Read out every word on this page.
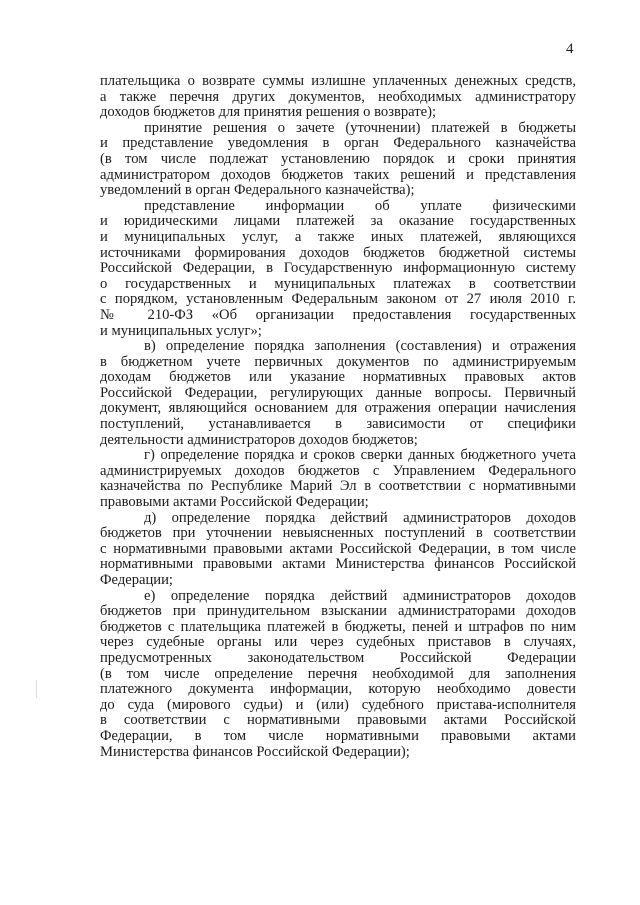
4
плательщика о возврате суммы излишне уплаченных денежных средств,
а также перечня других документов, необходимых администратору
доходов бюджетов для принятия решения о возврате);
принятие решения о зачете (уточнении) платежей в бюджеты
и представление уведомления в орган Федерального казначейства
(в том числе подлежат установлению порядок и сроки принятия
администратором доходов бюджетов таких решений и представления
уведомлений в орган Федерального казначейства);
представление информации об уплате физическими
и юридическими лицами платежей за оказание государственных
и муниципальных услуг, а также иных платежей, являющихся
источниками формирования доходов бюджетов бюджетной системы
Российской Федерации, в Государственную информационную систему
о государственных и муниципальных платежах в соответствии
с порядком, установленным Федеральным законом от 27 июля 2010 г.
№ 210-ФЗ «Об организации предоставления государственных
и муниципальных услуг»;
в) определение порядка заполнения (составления) и отражения
в бюджетном учете первичных документов по администрируемым
доходам бюджетов или указание нормативных правовых актов
Российской Федерации, регулирующих данные вопросы. Первичный
документ, являющийся основанием для отражения операции начисления
поступлений, устанавливается в зависимости от специфики
деятельности администраторов доходов бюджетов;
г) определение порядка и сроков сверки данных бюджетного учета
администрируемых доходов бюджетов с Управлением Федерального
казначейства по Республике Марий Эл в соответствии с нормативными
правовыми актами Российской Федерации;
д) определение порядка действий администраторов доходов
бюджетов при уточнении невыясненных поступлений в соответствии
с нормативными правовыми актами Российской Федерации, в том числе
нормативными правовыми актами Министерства финансов Российской
Федерации;
е) определение порядка действий администраторов доходов
бюджетов при принудительном взыскании администраторами доходов
бюджетов с плательщика платежей в бюджеты, пеней и штрафов по ним
через судебные органы или через судебных приставов в случаях,
предусмотренных законодательством Российской Федерации
(в том числе определение перечня необходимой для заполнения
платежного документа информации, которую необходимо довести
до суда (мирового судьи) и (или) судебного пристава-исполнителя
в соответствии с нормативными правовыми актами Российской
Федерации, в том числе нормативными правовыми актами
Министерства финансов Российской Федерации);
